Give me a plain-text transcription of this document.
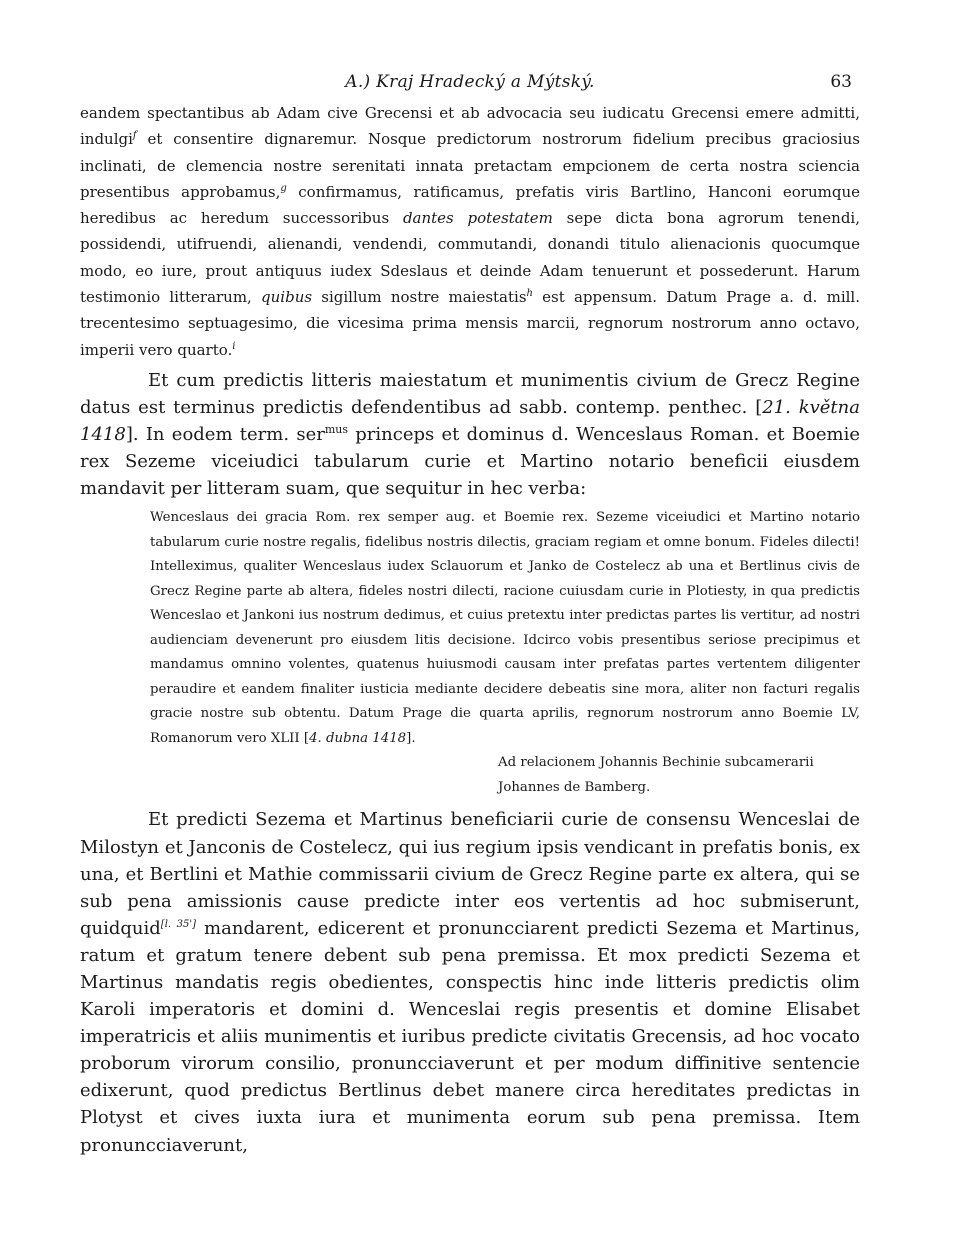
A.) Kraj Hradecký a Mýtský.	63

eandem spectantibus ab Adam cive Grecensi et ab advocacia seu iudicatu Grecensi emere admitti, indulgi$^f$ et consentire dignaremur. Nosque predictorum nostrorum fidelium precibus graciosius inclinati, de clemencia nostre serenitati innata pretactam empcionem de certa nostra sciencia presentibus approbamus,$^g$ confirmamus, ratificamus, prefatis viris Bartlino, Hanconi eorumque heredibus ac heredum successoribus dantes potestatem sepe dicta bona agrorum tenendi, possidendi, utifruendi, alienandi, vendendi, commutandi, donandi titulo alienacionis quocumque modo, eo iure, prout antiquus iudex Sdeslaus et deinde Adam tenuerunt et possederunt. Harum testimonio litterarum, quibus sigillum nostre maiestatis$^h$ est appensum. Datum Prage a. d. mill. trecentesimo septuagesimo, die vicesima prima mensis marcii, regnorum nostrorum anno octavo, imperii vero quarto.$^i$

Et cum predictis litteris maiestatum et munimentis civium de Grecz Regine datus est terminus predictis defendentibus ad sabb. contemp. penthec. [21. května 1418]. In eodem term. ser$^{mus}$ princeps et dominus d. Wenceslaus Roman. et Boemie rex Sezeme viceiudici tabularum curie et Martino notario beneficii eiusdem mandavit per litteram suam, que sequitur in hec verba:

Wenceslaus dei gracia Rom. rex semper aug. et Boemie rex. Sezeme viceiudici et Martino notario tabularum curie nostre regalis, fidelibus nostris dilectis, graciam regiam et omne bonum. Fideles dilecti! Intelleximus, qualiter Wenceslaus iudex Sclauorum et Janko de Costelecz ab una et Bertlinus civis de Grecz Regine parte ab altera, fideles nostri dilecti, racione cuiusdam curie in Plotiesty, in qua predictis Wenceslao et Jankoni ius nostrum dedimus, et cuius pretextu inter predictas partes lis vertitur, ad nostri audienciam devenerunt pro eiusdem litis decisione. Idcirco vobis presentibus seriose precipimus et mandamus omnino volentes, quatenus huiusmodi causam inter prefatas partes vertentem diligenter peraudire et eandem finaliter iusticia mediante decidere debeatis sine mora, aliter non facturi regalis gracie nostre sub obtentu. Datum Prage die quarta aprilis, regnorum nostrorum anno Boemie LV, Romanorum vero XLII [4. dubna 1418].

Ad relacionem Johannis Bechinie subcamerarii
Johannes de Bamberg.

Et predicti Sezema et Martinus beneficiarii curie de consensu Wenceslai de Milostyn et Janconis de Costelecz, qui ius regium ipsis vendicant in prefatis bonis, ex una, et Bertlini et Mathie commissarii civium de Grecz Regine parte ex altera, qui se sub pena amissionis cause predicte inter eos vertentis ad hoc submiserunt, quidquid[l. 35'] mandarent, edicerent et pronuncciarent predicti Sezema et Martinus, ratum et gratum tenere debent sub pena premissa. Et mox predicti Sezema et Martinus mandatis regis obedientes, conspectis hinc inde litteris predictis olim Karoli imperatoris et domini d. Wenceslai regis presentis et domine Elisabet imperatricis et aliis munimentis et iuribus predicte civitatis Grecensis, ad hoc vocato proborum virorum consilio, pronuncciaverunt et per modum diffinitive sentencie edixerunt, quod predictus Bertlinus debet manere circa hereditates predictas in Plotyst et cives iuxta iura et munimenta eorum sub pena premissa. Item pronuncciaverunt,
